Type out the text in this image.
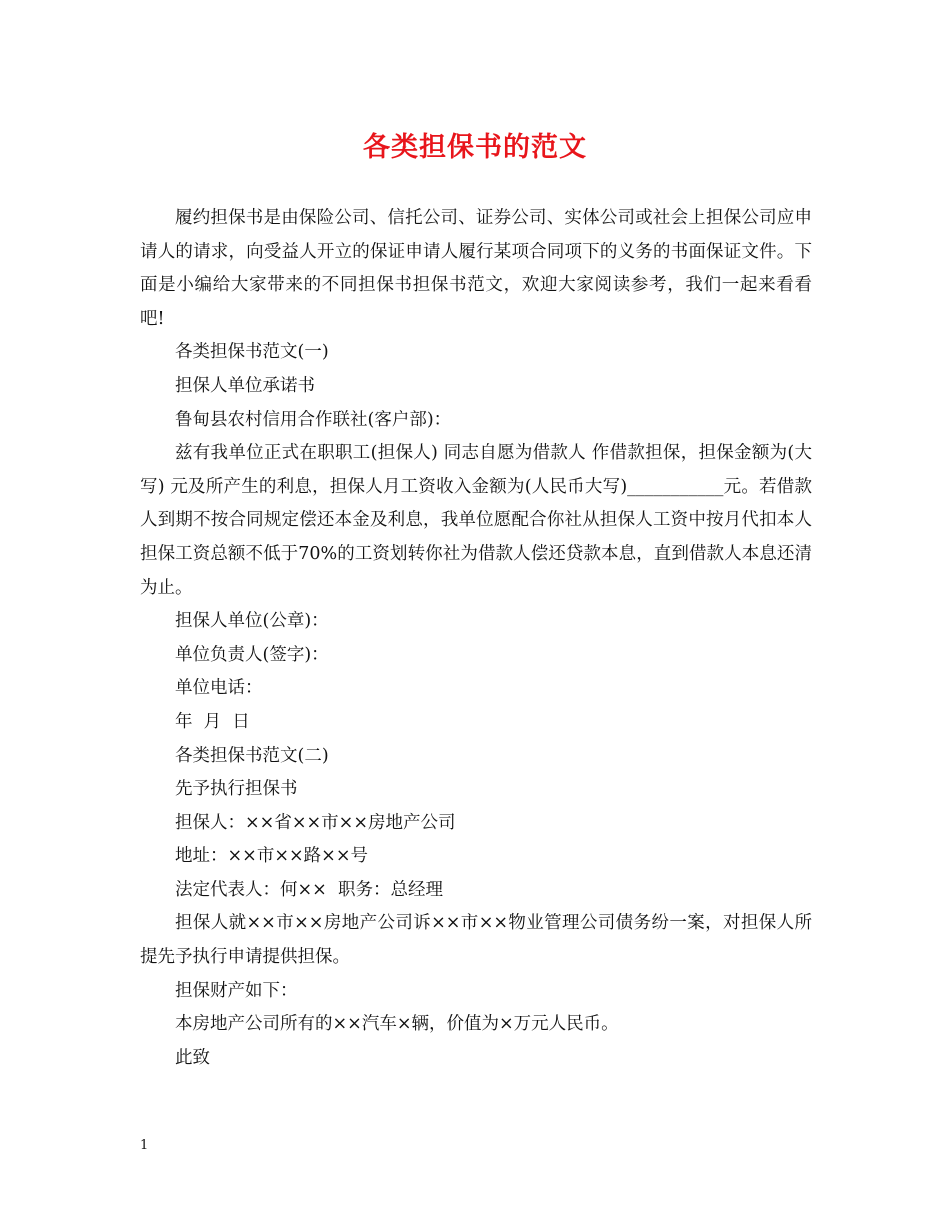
各类担保书的范文

履约担保书是由保险公司、信托公司、证券公司、实体公司或社会上担保公司应申请人的请求，向受益人开立的保证申请人履行某项合同项下的义务的书面保证文件。下面是小编给大家带来的不同担保书担保书范文，欢迎大家阅读参考，我们一起来看看吧!

各类担保书范文(一)

担保人单位承诺书

鲁甸县农村信用合作联社(客户部)：

兹有我单位正式在职职工(担保人) 同志自愿为借款人 作借款担保，担保金额为(大写) 元及所产生的利息，担保人月工资收入金额为(人民币大写)___________元。若借款人到期不按合同规定偿还本金及利息，我单位愿配合你社从担保人工资中按月代扣本人担保工资总额不低于70%的工资划转你社为借款人偿还贷款本息，直到借款人本息还清为止。

担保人单位(公章)：

单位负责人(签字)：

单位电话：

年  月  日

各类担保书范文(二)

先予执行担保书

担保人：××省××市××房地产公司

地址：××市××路××号

法定代表人：何××  职务：总经理

担保人就××市××房地产公司诉××市××物业管理公司债务纷一案，对担保人所提先予执行申请提供担保。

担保财产如下：

本房地产公司所有的××汽车×辆，价值为×万元人民币。

此致

1
